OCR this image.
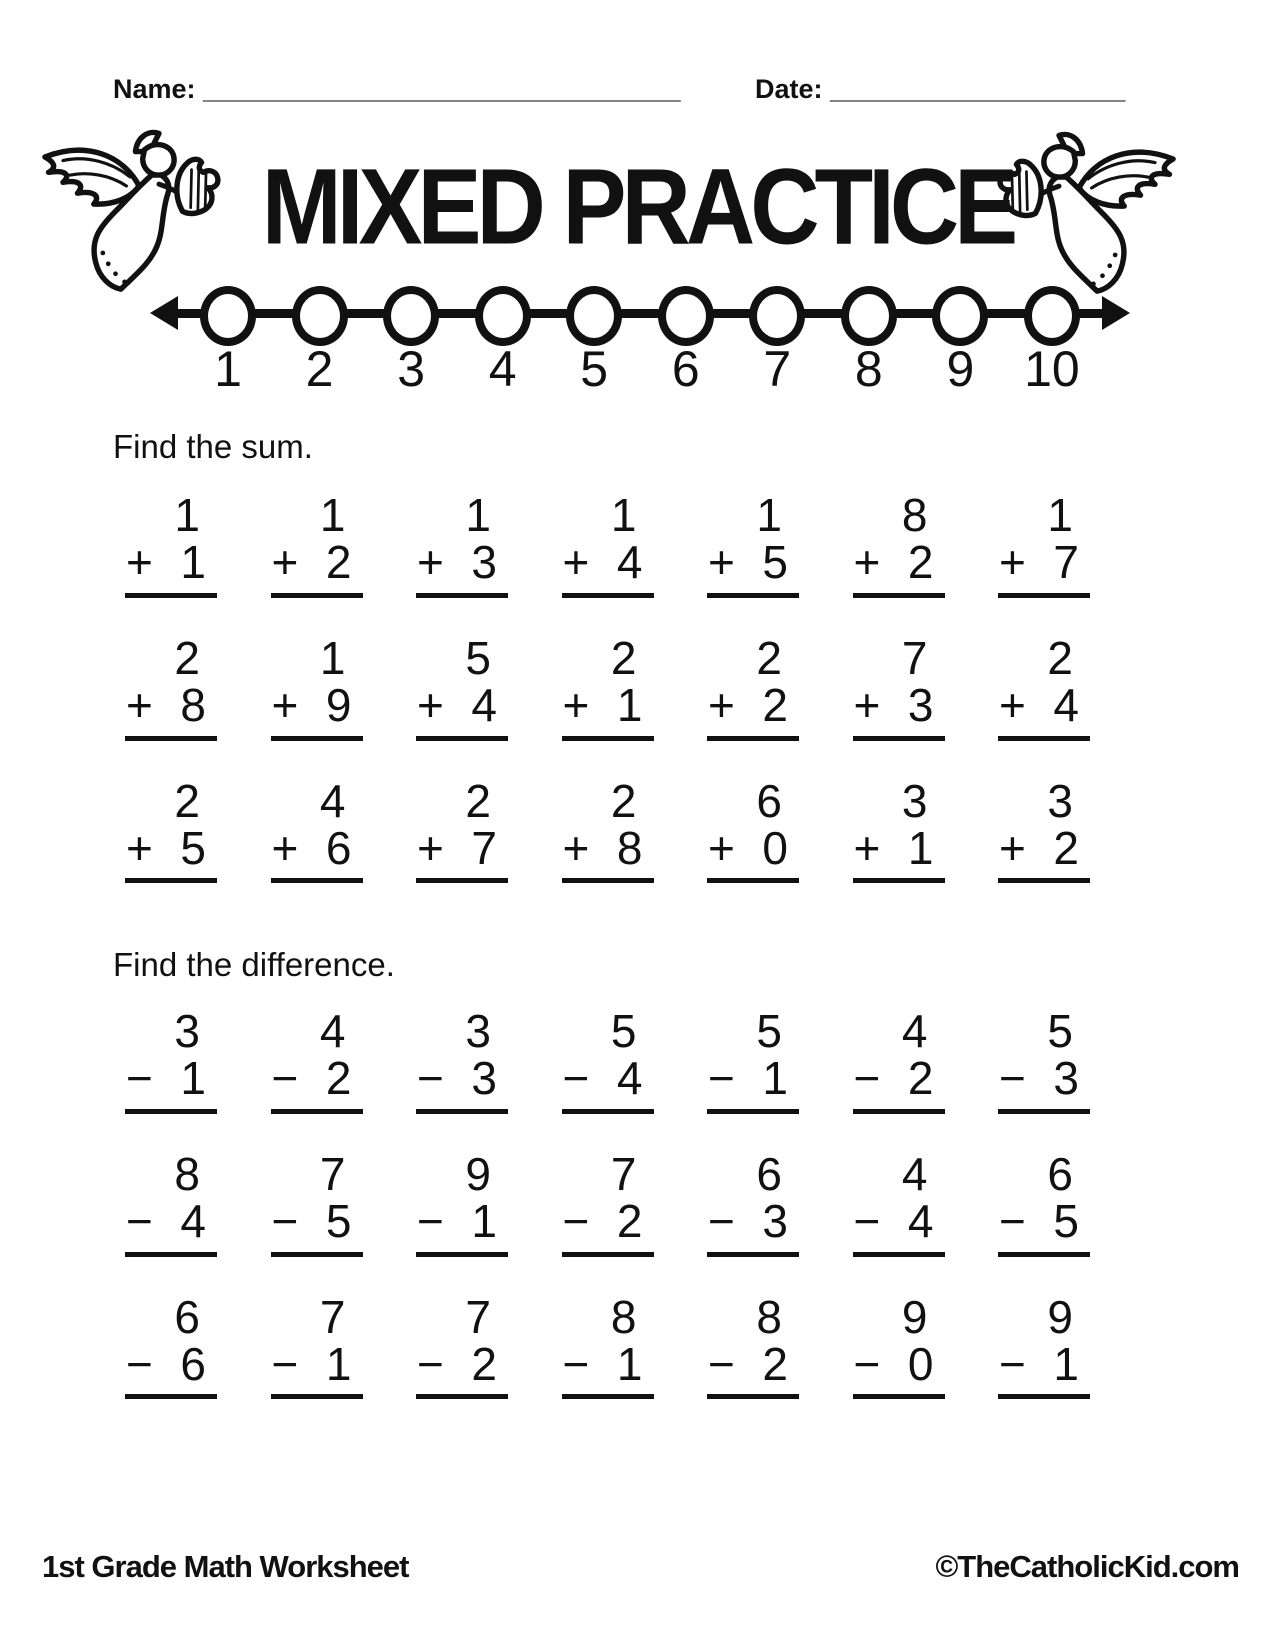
Name: __________________________________	Date: _____________________
MIXED PRACTICE
1 2 3 4 5 6 7 8 9 10
Find the sum.
1
+ 1
1
+ 2
1
+ 3
1
+ 4
1
+ 5
8
+ 2
1
+ 7
2
+ 8
1
+ 9
5
+ 4
2
+ 1
2
+ 2
7
+ 3
2
+ 4
2
+ 5
4
+ 6
2
+ 7
2
+ 8
6
+ 0
3
+ 1
3
+ 2
Find the difference.
3
− 1
4
− 2
3
− 3
5
− 4
5
− 1
4
− 2
5
− 3
8
− 4
7
− 5
9
− 1
7
− 2
6
− 3
4
− 4
6
− 5
6
− 6
7
− 1
7
− 2
8
− 1
8
− 2
9
− 0
9
− 1
1st Grade Math Worksheet	©TheCatholicKid.com
